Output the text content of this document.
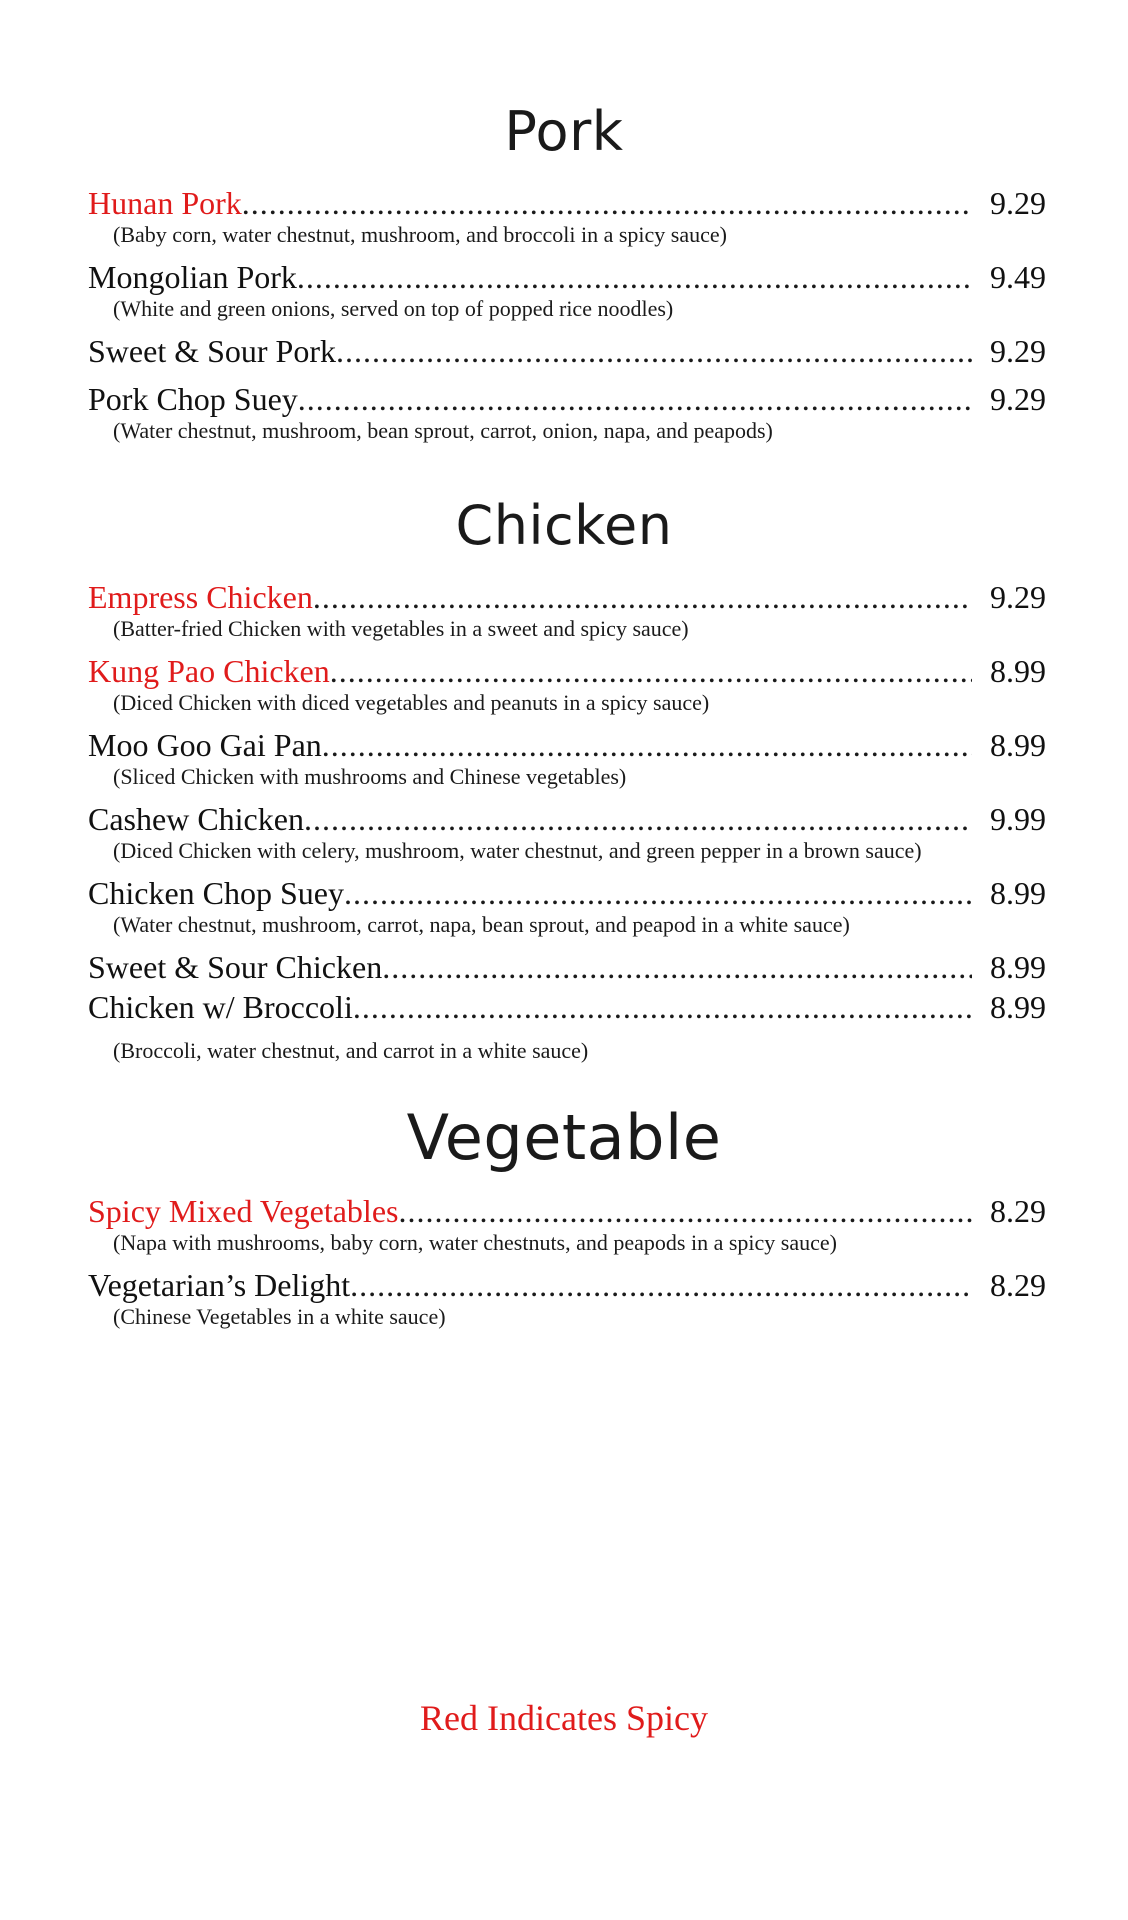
Pork
Hunan Pork .....	9.29
(Baby corn, water chestnut, mushroom, and broccoli in a spicy sauce)
Mongolian Pork .....	9.49
(White and green onions, served on top of popped rice noodles)
Sweet & Sour Pork .....	9.29
Pork Chop Suey .....	9.29
(Water chestnut, mushroom, bean sprout, carrot, onion, napa, and peapods)
Chicken
Empress Chicken .....	9.29
(Batter-fried Chicken with vegetables in a sweet and spicy sauce)
Kung Pao Chicken .....	8.99
(Diced Chicken with diced vegetables and peanuts in a spicy sauce)
Moo Goo Gai Pan .....	8.99
(Sliced Chicken with mushrooms and Chinese vegetables)
Cashew Chicken .....	9.99
(Diced Chicken with celery, mushroom, water chestnut, and green pepper in a brown sauce)
Chicken Chop Suey .....	8.99
(Water chestnut, mushroom, carrot, napa, bean sprout, and peapod in a white sauce)
Sweet & Sour Chicken .....	8.99
Chicken w/ Broccoli .....	8.99
(Broccoli, water chestnut, and carrot in a white sauce)
Vegetable
Spicy Mixed Vegetables .....	8.29
(Napa with mushrooms, baby corn, water chestnuts, and peapods in a spicy sauce)
Vegetarian’s Delight .....	8.29
(Chinese Vegetables in a white sauce)
Red Indicates Spicy
